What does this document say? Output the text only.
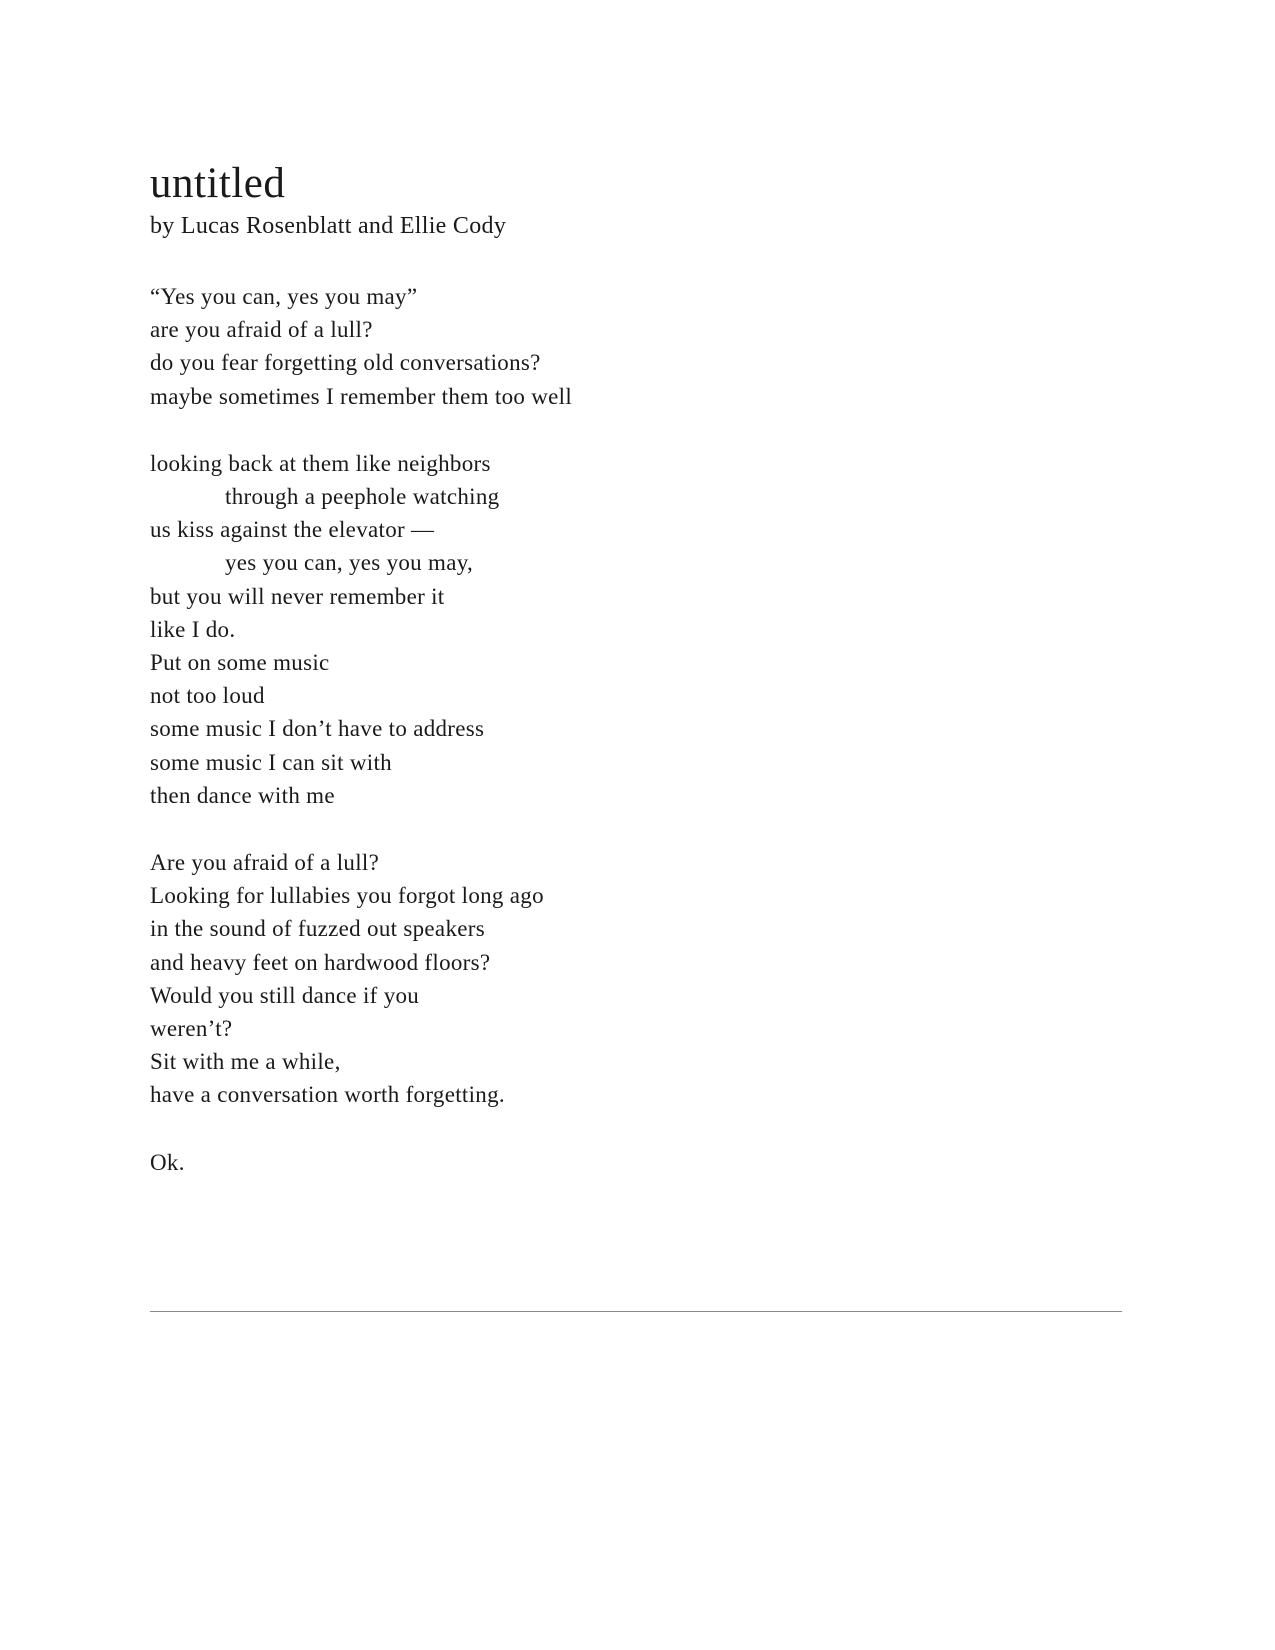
untitled
by Lucas Rosenblatt and Ellie Cody
“Yes you can, yes you may”
are you afraid of a lull?
do you fear forgetting old conversations?
maybe sometimes I remember them too well
looking back at them like neighbors
through a peephole watching
us kiss against the elevator —
yes you can, yes you may,
but you will never remember it
like I do.
Put on some music
not too loud
some music I don’t have to address
some music I can sit with
then dance with me
Are you afraid of a lull?
Looking for lullabies you forgot long ago
in the sound of fuzzed out speakers
and heavy feet on hardwood floors?
Would you still dance if you
weren’t?
Sit with me a while,
have a conversation worth forgetting.
Ok.
